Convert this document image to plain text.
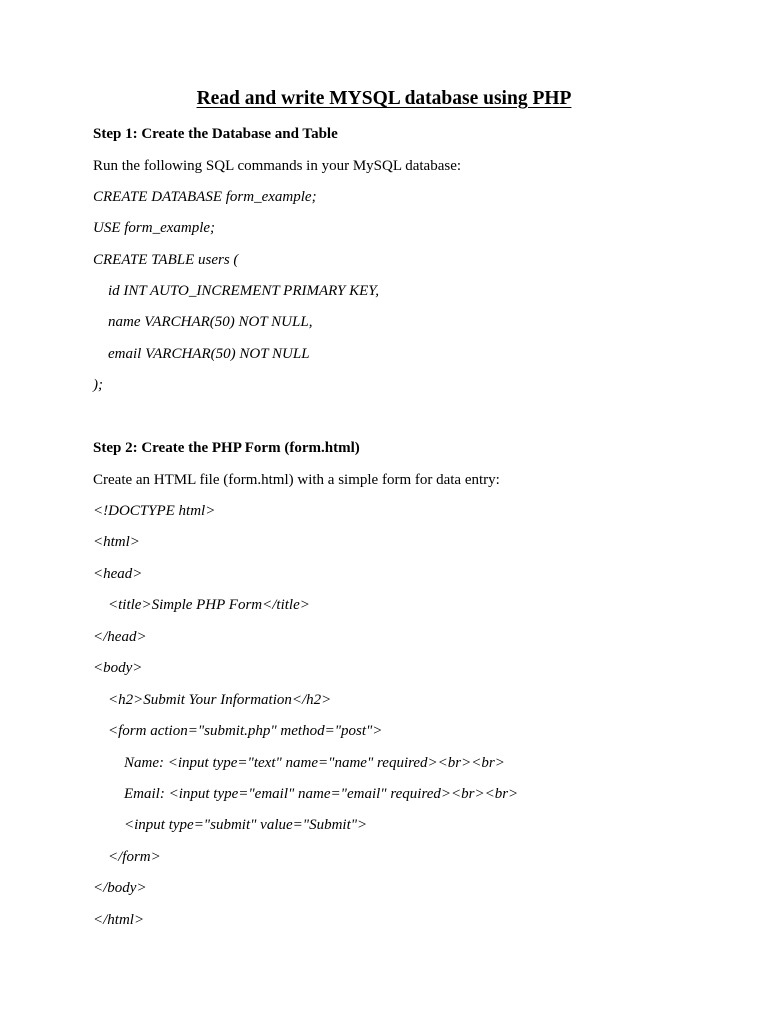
Read and write MYSQL database using PHP

Step 1: Create the Database and Table

Run the following SQL commands in your MySQL database:

CREATE DATABASE form_example;

USE form_example;

CREATE TABLE users (

id INT AUTO_INCREMENT PRIMARY KEY,

name VARCHAR(50) NOT NULL,

email VARCHAR(50) NOT NULL

);

Step 2: Create the PHP Form (form.html)

Create an HTML file (form.html) with a simple form for data entry:

<!DOCTYPE html>

<html>

<head>

<title>Simple PHP Form</title>

</head>

<body>

<h2>Submit Your Information</h2>

<form action="submit.php" method="post">

Name: <input type="text" name="name" required><br><br>

Email: <input type="email" name="email" required><br><br>

<input type="submit" value="Submit">

</form>

</body>

</html>
